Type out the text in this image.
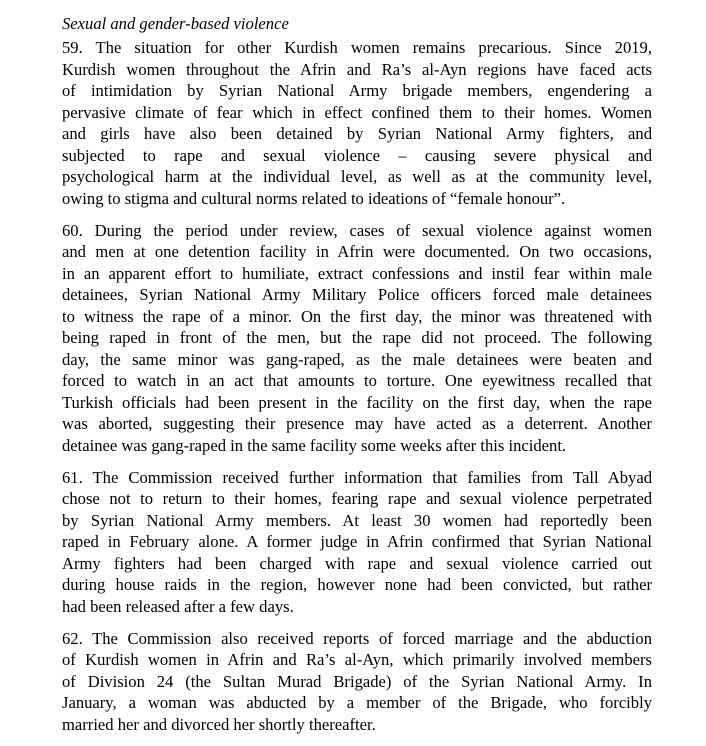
Sexual and gender-based violence
59. The situation for other Kurdish women remains precarious. Since 2019,
Kurdish women throughout the Afrin and Ra’s al-Ayn regions have faced acts
of intimidation by Syrian National Army brigade members, engendering a
pervasive climate of fear which in effect confined them to their homes. Women
and girls have also been detained by Syrian National Army fighters, and
subjected to rape and sexual violence – causing severe physical and
psychological harm at the individual level, as well as at the community level,
owing to stigma and cultural norms related to ideations of “female honour”.
60. During the period under review, cases of sexual violence against women
and men at one detention facility in Afrin were documented. On two occasions,
in an apparent effort to humiliate, extract confessions and instil fear within male
detainees, Syrian National Army Military Police officers forced male detainees
to witness the rape of a minor. On the first day, the minor was threatened with
being raped in front of the men, but the rape did not proceed. The following
day, the same minor was gang-raped, as the male detainees were beaten and
forced to watch in an act that amounts to torture. One eyewitness recalled that
Turkish officials had been present in the facility on the first day, when the rape
was aborted, suggesting their presence may have acted as a deterrent. Another
detainee was gang-raped in the same facility some weeks after this incident.
61. The Commission received further information that families from Tall Abyad
chose not to return to their homes, fearing rape and sexual violence perpetrated
by Syrian National Army members. At least 30 women had reportedly been
raped in February alone. A former judge in Afrin confirmed that Syrian National
Army fighters had been charged with rape and sexual violence carried out
during house raids in the region, however none had been convicted, but rather
had been released after a few days.
62. The Commission also received reports of forced marriage and the abduction
of Kurdish women in Afrin and Ra’s al-Ayn, which primarily involved members
of Division 24 (the Sultan Murad Brigade) of the Syrian National Army. In
January, a woman was abducted by a member of the Brigade, who forcibly
married her and divorced her shortly thereafter.
